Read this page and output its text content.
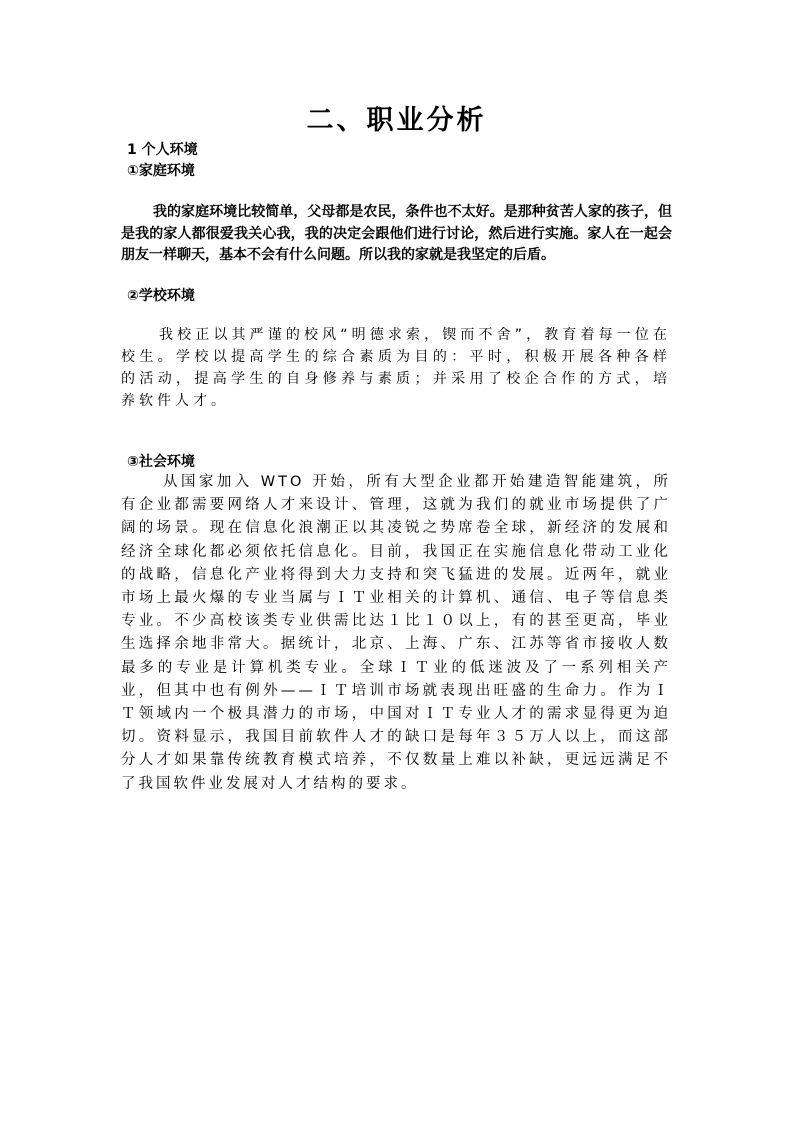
二、职业分析
1 个人环境
①家庭环境

我的家庭环境比较简单，父母都是农民，条件也不太好。是那种贫苦人家的孩子，但是我的家人都很爱我关心我，我的决定会跟他们进行讨论，然后进行实施。家人在一起会朋友一样聊天，基本不会有什么问题。所以我的家就是我坚定的后盾。

②学校环境

我校正以其严谨的校风“明德求索，锲而不舍”，教育着每一位在校生。学校以提高学生的综合素质为目的：平时，积极开展各种各样的活动，提高学生的自身修养与素质；并采用了校企合作的方式，培养软件人才。

③社会环境

从国家加入 WTO 开始，所有大型企业都开始建造智能建筑，所有企业都需要网络人才来设计、管理，这就为我们的就业市场提供了广阔的场景。现在信息化浪潮正以其凌锐之势席卷全球，新经济的发展和经济全球化都必须依托信息化。目前，我国正在实施信息化带动工业化的战略，信息化产业将得到大力支持和突飞猛进的发展。近两年，就业市场上最火爆的专业当属与ＩＴ业相关的计算机、通信、电子等信息类专业。不少高校该类专业供需比达１比１０以上，有的甚至更高，毕业生选择余地非常大。据统计，北京、上海、广东、江苏等省市接收人数最多的专业是计算机类专业。全球ＩＴ业的低迷波及了一系列相关产业，但其中也有例外——ＩＴ培训市场就表现出旺盛的生命力。作为ＩＴ领域内一个极具潜力的市场，中国对ＩＴ专业人才的需求显得更为迫切。资料显示，我国目前软件人才的缺口是每年３５万人以上，而这部分人才如果靠传统教育模式培养，不仅数量上难以补缺，更远远满足不了我国软件业发展对人才结构的要求。
